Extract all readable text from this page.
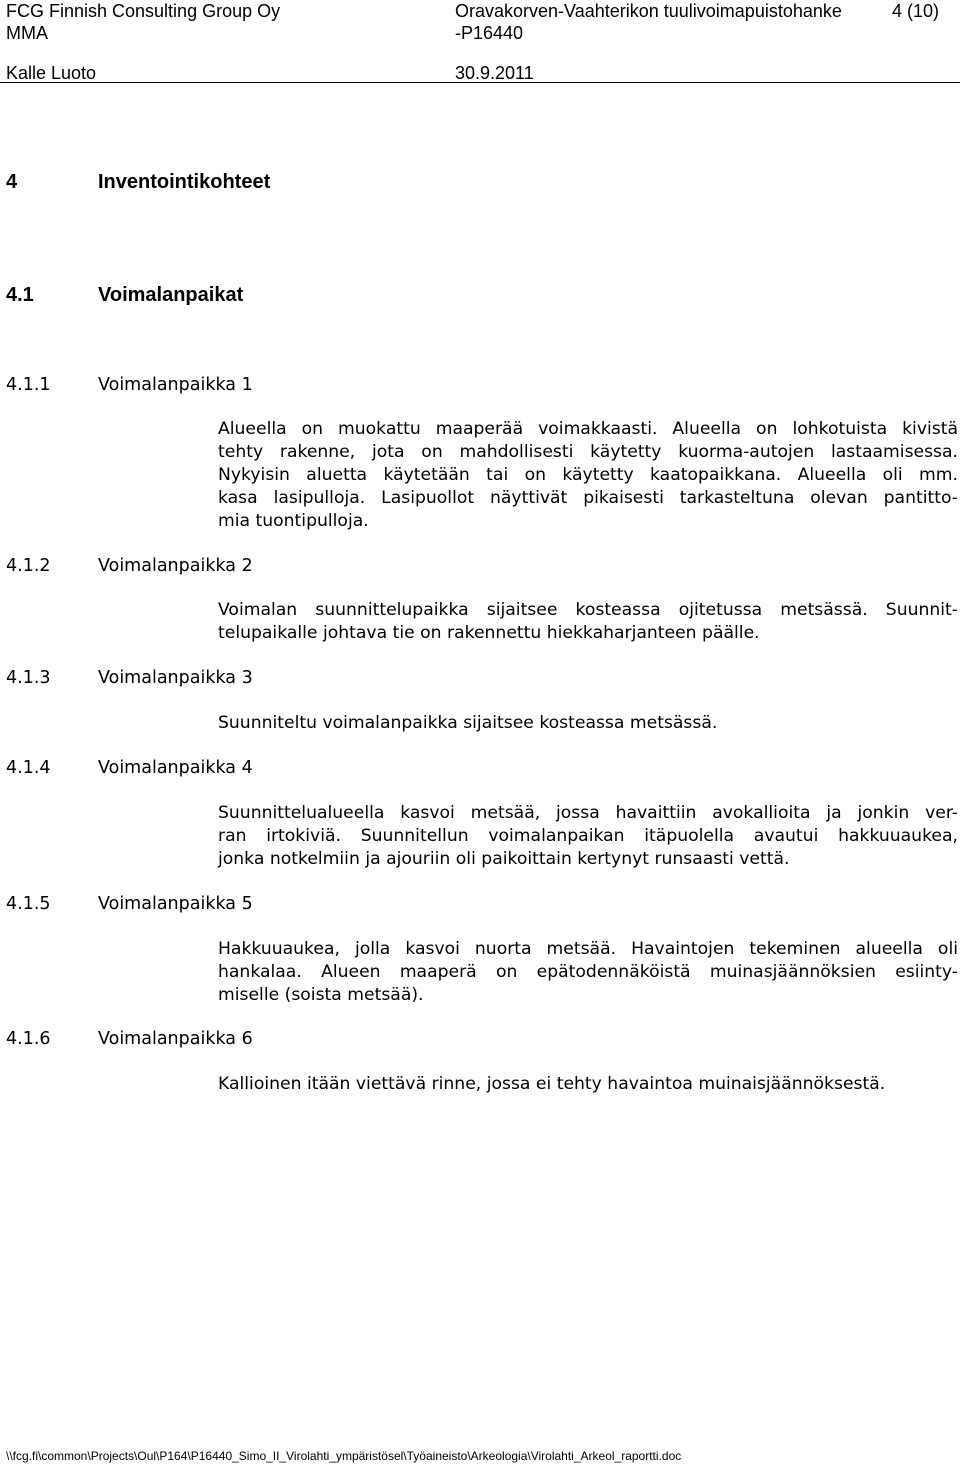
FCG Finnish Consulting Group Oy
MMA
Kalle Luoto
Oravakorven-Vaahterikon tuulivoimapuistohanke
-P16440
30.9.2011
4 (10)
4	Inventointikohteet
4.1	Voimalanpaikat
4.1.1	Voimalanpaikka 1
4.1.2	Voimalanpaikka 2
4.1.3	Voimalanpaikka 3
4.1.4	Voimalanpaikka 4
4.1.5	Voimalanpaikka 5
4.1.6	Voimalanpaikka 6
Alueella on muokattu maaperää voimakkaasti. Alueella on lohkotuista kivistä
tehty rakenne, jota on mahdollisesti käytetty kuorma-autojen lastaamisessa.
Nykyisin aluetta käytetään tai on käytetty kaatopaikkana. Alueella oli mm.
kasa lasipulloja. Lasipuollot näyttivät pikaisesti tarkasteltuna olevan pantitto-
mia tuontipulloja.
Voimalan suunnittelupaikka sijaitsee kosteassa ojitetussa metsässä. Suunnit-
telupaikalle johtava tie on rakennettu hiekkaharjanteen päälle.
Suunniteltu voimalanpaikka sijaitsee kosteassa metsässä.
Suunnittelualueella kasvoi metsää, jossa havaittiin avokallioita ja jonkin ver-
ran irtokiviä. Suunnitellun voimalanpaikan itäpuolella avautui hakkuuaukea,
jonka notkelmiin ja ajouriin oli paikoittain kertynyt runsaasti vettä.
Hakkuuaukea, jolla kasvoi nuorta metsää. Havaintojen tekeminen alueella oli
hankalaa. Alueen maaperä on epätodennäköistä muinasjäännöksien esiinty-
miselle (soista metsää).
Kallioinen itään viettävä rinne, jossa ei tehty havaintoa muinaisjäännöksestä.
\\fcg.fi\common\Projects\Oul\P164\P16440_Simo_II_Virolahti_ympäristösel\Työaineisto\Arkeologia\Virolahti_Arkeol_raportti.doc
